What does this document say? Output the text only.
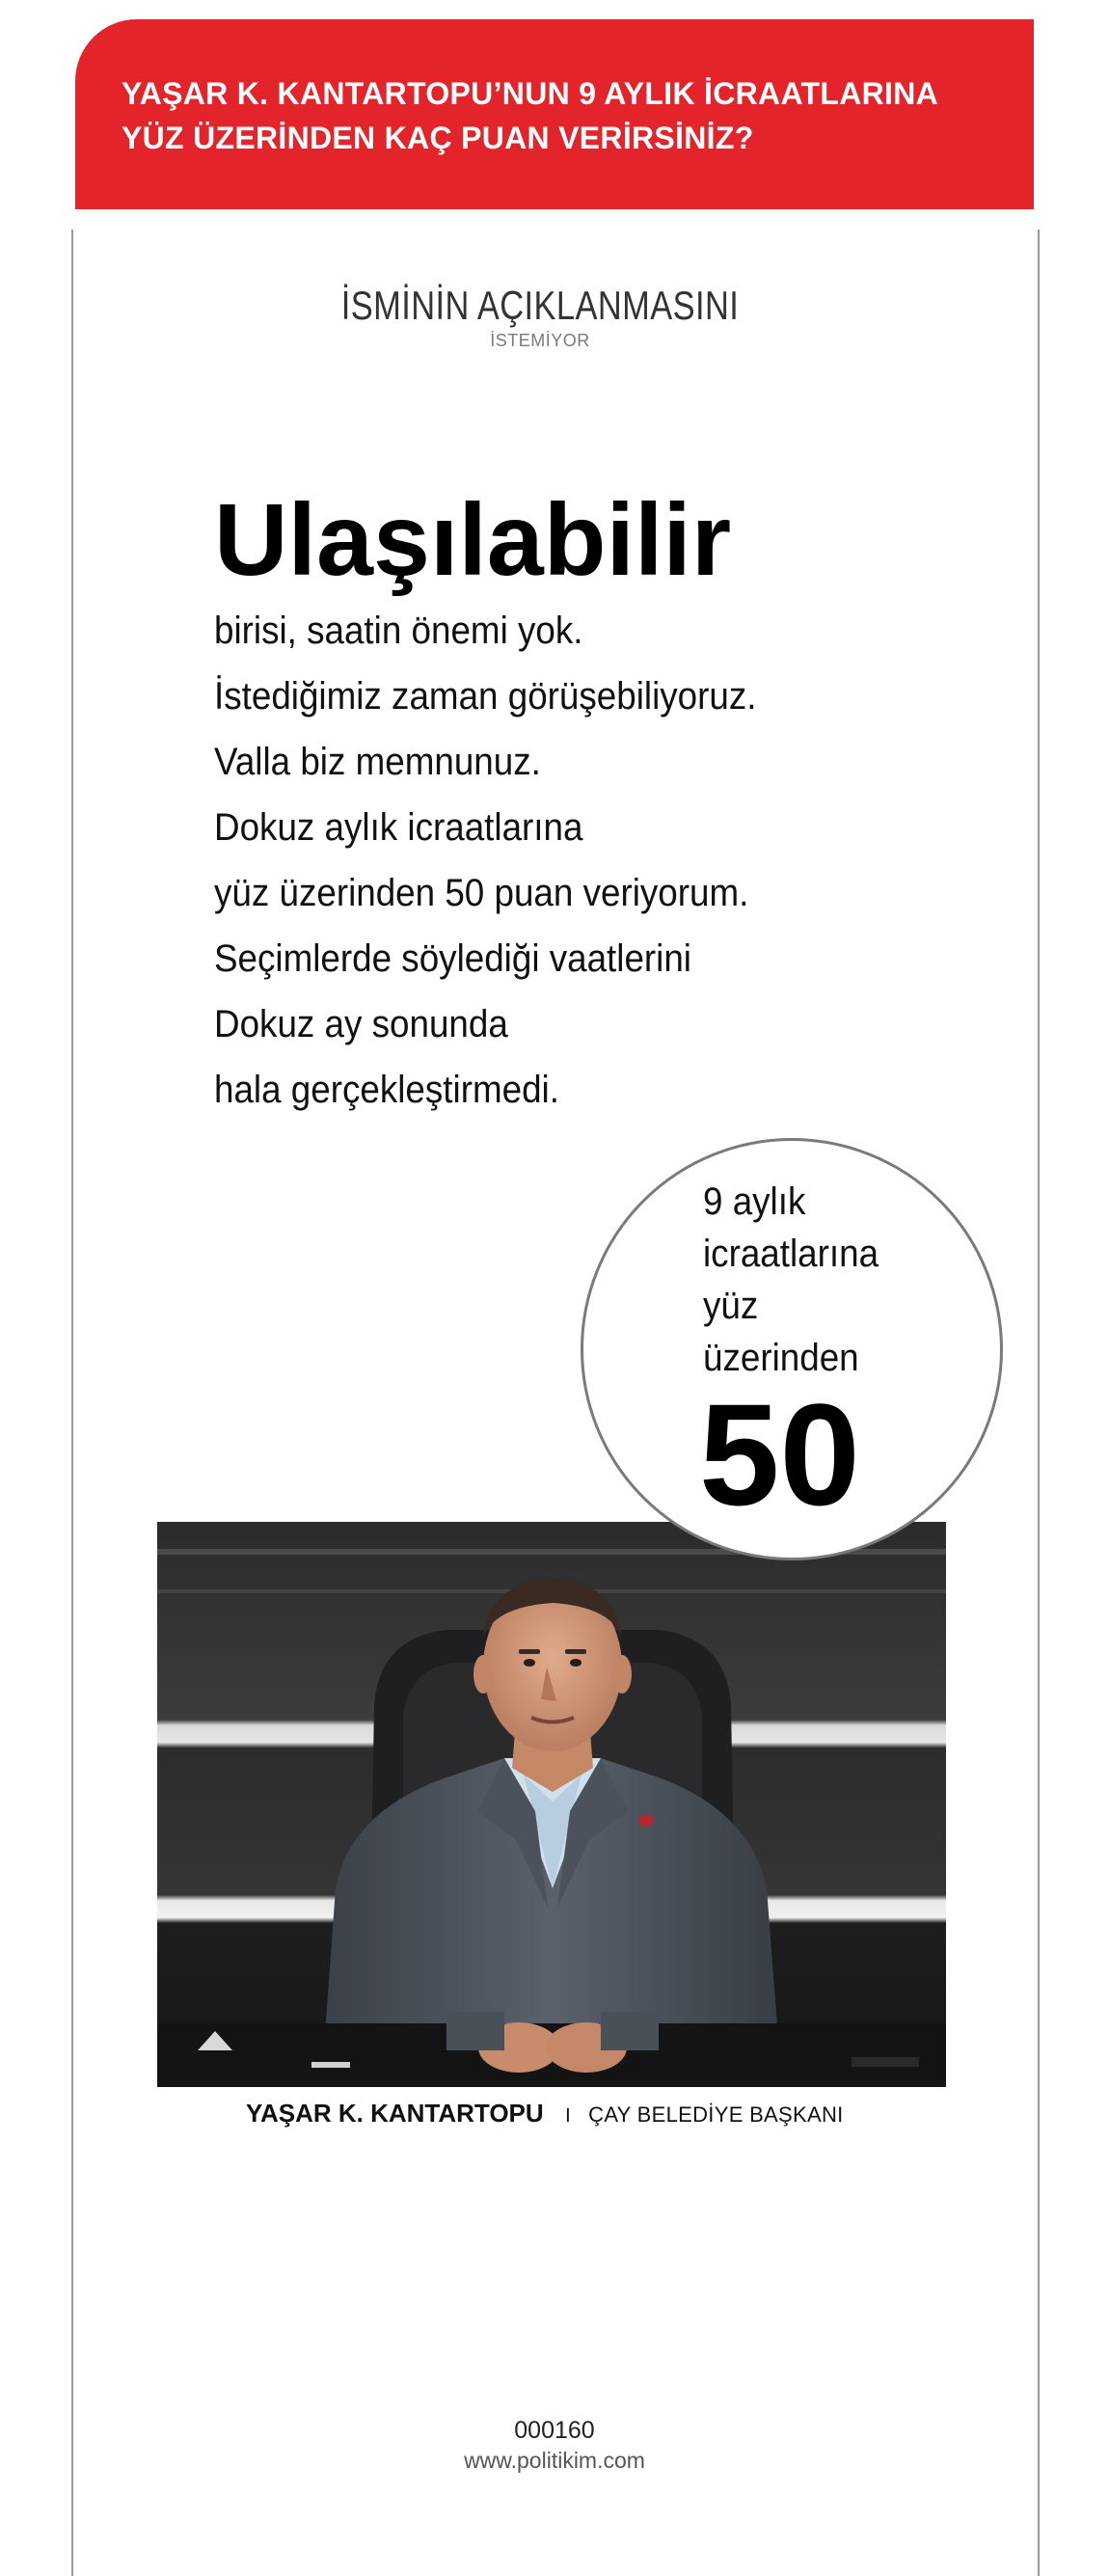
YAŞAR K. KANTARTOPU’NUN 9 AYLIK İCRAATLARINA
YÜZ ÜZERİNDEN KAÇ PUAN VERİRSİNİZ?
İSMİNİN AÇIKLANMASINI
İSTEMİYOR
Ulaşılabilir
birisi, saatin önemi yok.
İstediğimiz zaman görüşebiliyoruz.
Valla biz memnunuz.
Dokuz aylık icraatlarına
yüz üzerinden 50 puan veriyorum.
Seçimlerde söylediği vaatlerini
Dokuz ay sonunda
hala gerçekleştirmedi.
9 aylık
icraatlarına
yüz
üzerinden
50
YAŞAR K. KANTARTOPU I ÇAY BELEDİYE BAŞKANI
000160
www.politikim.com
